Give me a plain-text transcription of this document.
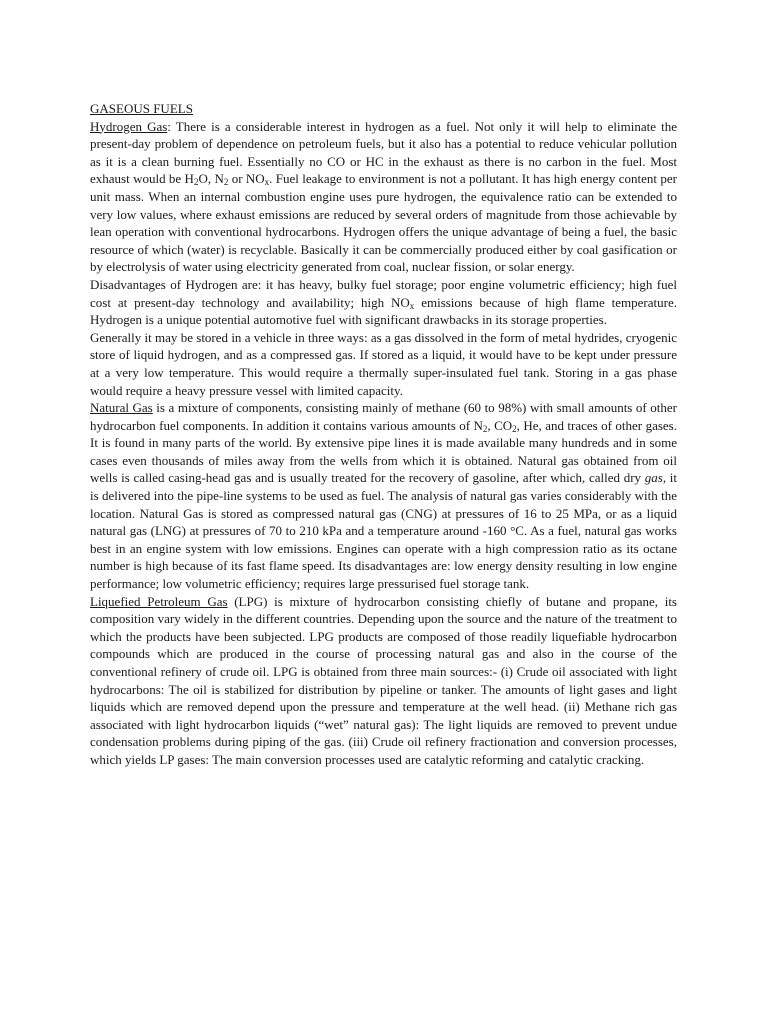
GASEOUS FUELS

Hydrogen Gas: There is a considerable interest in hydrogen as a fuel. Not only it will help to eliminate the present-day problem of dependence on petroleum fuels, but it also has a potential to reduce vehicular pollution as it is a clean burning fuel. Essentially no CO or HC in the exhaust as there is no carbon in the fuel. Most exhaust would be $H_2O$, $N_2$ or $NO_x$. Fuel leakage to environment is not a pollutant. It has high energy content per unit mass. When an internal combustion engine uses pure hydrogen, the equivalence ratio can be extended to very low values, where exhaust emissions are reduced by several orders of magnitude from those achievable by lean operation with conventional hydrocarbons. Hydrogen offers the unique advantage of being a fuel, the basic resource of which (water) is recyclable. Basically it can be commercially produced either by coal gasification or by electrolysis of water using electricity generated from coal, nuclear fission, or solar energy.

Disadvantages of Hydrogen are: it has heavy, bulky fuel storage; poor engine volumetric efficiency; high fuel cost at present-day technology and availability; high $NO_x$ emissions because of high flame temperature. Hydrogen is a unique potential automotive fuel with significant drawbacks in its storage properties.

Generally it may be stored in a vehicle in three ways: as a gas dissolved in the form of metal hydrides, cryogenic store of liquid hydrogen, and as a compressed gas. If stored as a liquid, it would have to be kept under pressure at a very low temperature. This would require a thermally super-insulated fuel tank. Storing in a gas phase would require a heavy pressure vessel with limited capacity.

Natural Gas is a mixture of components, consisting mainly of methane (60 to 98%) with small amounts of other hydrocarbon fuel components. In addition it contains various amounts of $N_2$, $CO_2$, He, and traces of other gases. It is found in many parts of the world. By extensive pipe lines it is made available many hundreds and in some cases even thousands of miles away from the wells from which it is obtained. Natural gas obtained from oil wells is called casing-head gas and is usually treated for the recovery of gasoline, after which, called dry gas, it is delivered into the pipe-line systems to be used as fuel. The analysis of natural gas varies considerably with the location. Natural Gas is stored as compressed natural gas (CNG) at pressures of 16 to 25 MPa, or as a liquid natural gas (LNG) at pressures of 70 to 210 kPa and a temperature around -160 °C. As a fuel, natural gas works best in an engine system with low emissions. Engines can operate with a high compression ratio as its octane number is high because of its fast flame speed. Its disadvantages are: low energy density resulting in low engine performance; low volumetric efficiency; requires large pressurised fuel storage tank.

Liquefied Petroleum Gas (LPG) is mixture of hydrocarbon consisting chiefly of butane and propane, its composition vary widely in the different countries. Depending upon the source and the nature of the treatment to which the products have been subjected. LPG products are composed of those readily liquefiable hydrocarbon compounds which are produced in the course of processing natural gas and also in the course of the conventional refinery of crude oil. LPG is obtained from three main sources:- (i) Crude oil associated with light hydrocarbons: The oil is stabilized for distribution by pipeline or tanker. The amounts of light gases and light liquids which are removed depend upon the pressure and temperature at the well head. (ii) Methane rich gas associated with light hydrocarbon liquids (“wet” natural gas): The light liquids are removed to prevent undue condensation problems during piping of the gas. (iii) Crude oil refinery fractionation and conversion processes, which yields LP gases: The main conversion processes used are catalytic reforming and catalytic cracking.
